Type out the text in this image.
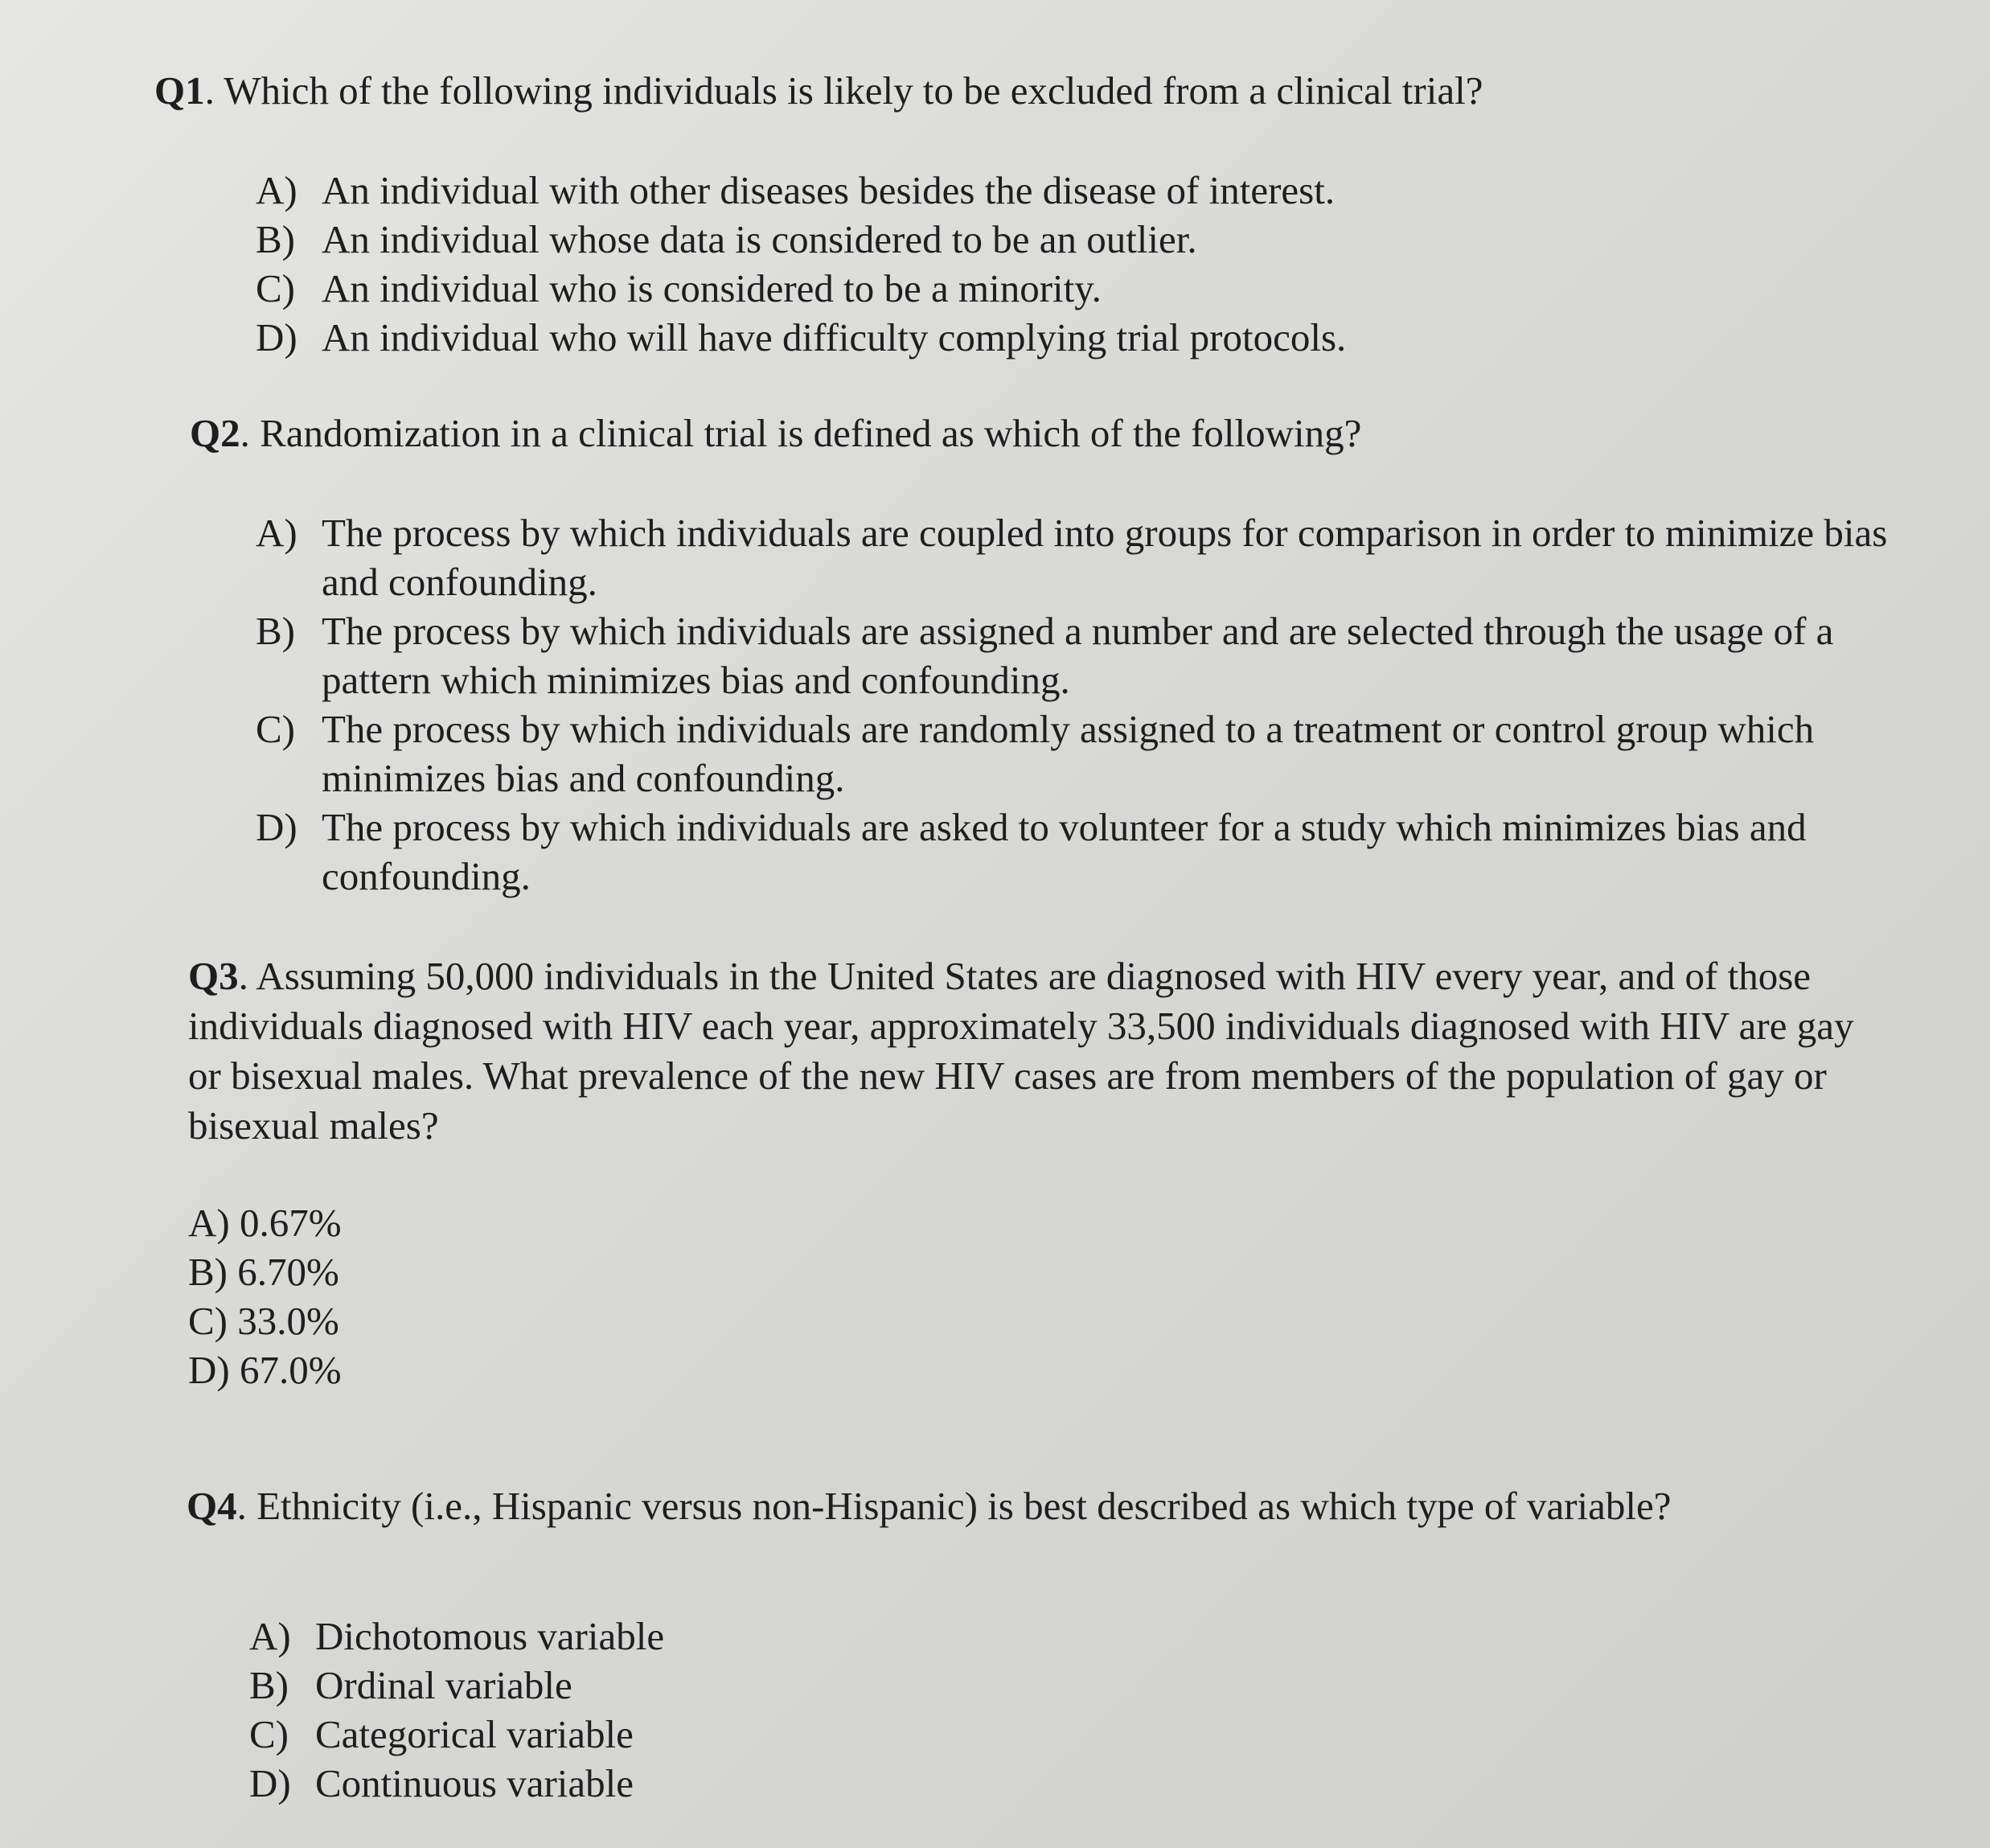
Q1. Which of the following individuals is likely to be excluded from a clinical trial?
A) An individual with other diseases besides the disease of interest.
B) An individual whose data is considered to be an outlier.
C) An individual who is considered to be a minority.
D) An individual who will have difficulty complying trial protocols.
Q2. Randomization in a clinical trial is defined as which of the following?
A) The process by which individuals are coupled into groups for comparison in order to minimize bias and confounding.
B) The process by which individuals are assigned a number and are selected through the usage of a pattern which minimizes bias and confounding.
C) The process by which individuals are randomly assigned to a treatment or control group which minimizes bias and confounding.
D) The process by which individuals are asked to volunteer for a study which minimizes bias and confounding.
Q3. Assuming 50,000 individuals in the United States are diagnosed with HIV every year, and of those individuals diagnosed with HIV each year, approximately 33,500 individuals diagnosed with HIV are gay or bisexual males. What prevalence of the new HIV cases are from members of the population of gay or bisexual males?
A) 0.67%
B) 6.70%
C) 33.0%
D) 67.0%
Q4. Ethnicity (i.e., Hispanic versus non-Hispanic) is best described as which type of variable?
A) Dichotomous variable
B) Ordinal variable
C) Categorical variable
D) Continuous variable
